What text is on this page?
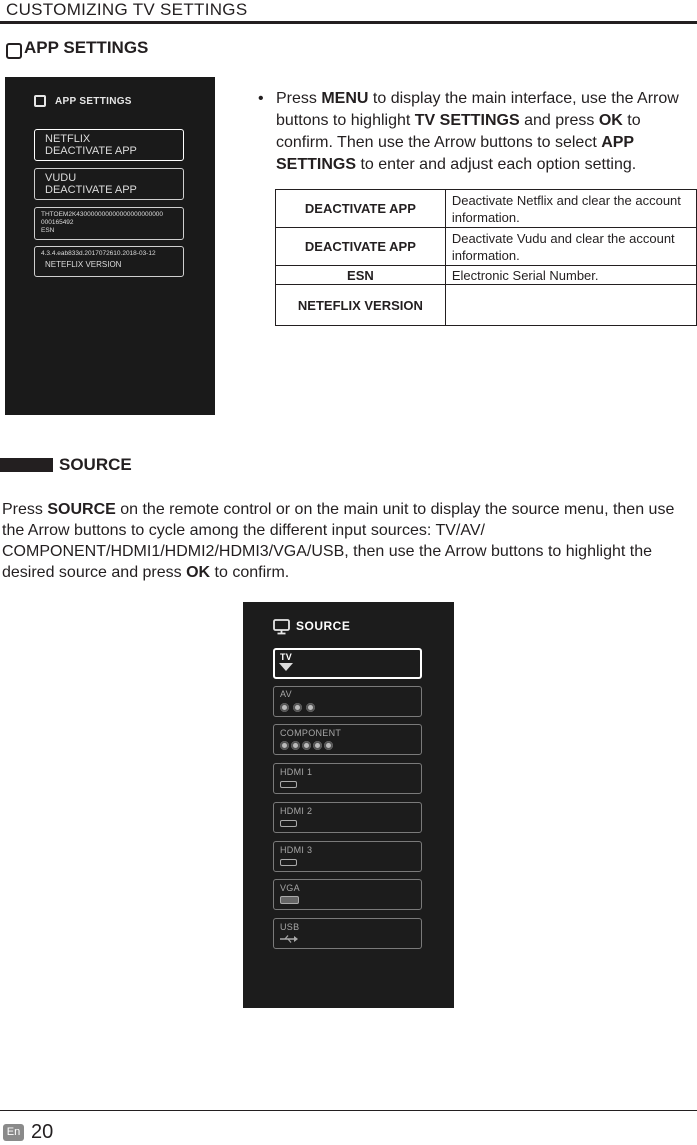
CUSTOMIZING TV SETTINGS
APP SETTINGS
APP SETTINGS
NETFLIX
DEACTIVATE APP
VUDU
DEACTIVATE APP
THTOEM2K430000000000000000000000
000165492
ESN
4.3.4.eab833d.2017072610.2018-03-12
NETEFLIX VERSION
• Press MENU to display the main interface, use the Arrow buttons to highlight TV SETTINGS and press OK to confirm. Then use the Arrow buttons to select APP SETTINGS to enter and adjust each option setting.
DEACTIVATE APP	Deactivate Netflix and clear the account information.
DEACTIVATE APP	Deactivate Vudu and clear the account information.
ESN	Electronic Serial Number.
NETEFLIX VERSION	
SOURCE
Press SOURCE on the remote control or on the main unit to display the source menu, then use the Arrow buttons to cycle among the different input sources: TV/AV/ COMPONENT/HDMI1/HDMI2/HDMI3/VGA/USB, then use the Arrow buttons to highlight the desired source and press OK to confirm.
SOURCE
TV
AV
COMPONENT
HDMI 1
HDMI 2
HDMI 3
VGA
USB
En 20
